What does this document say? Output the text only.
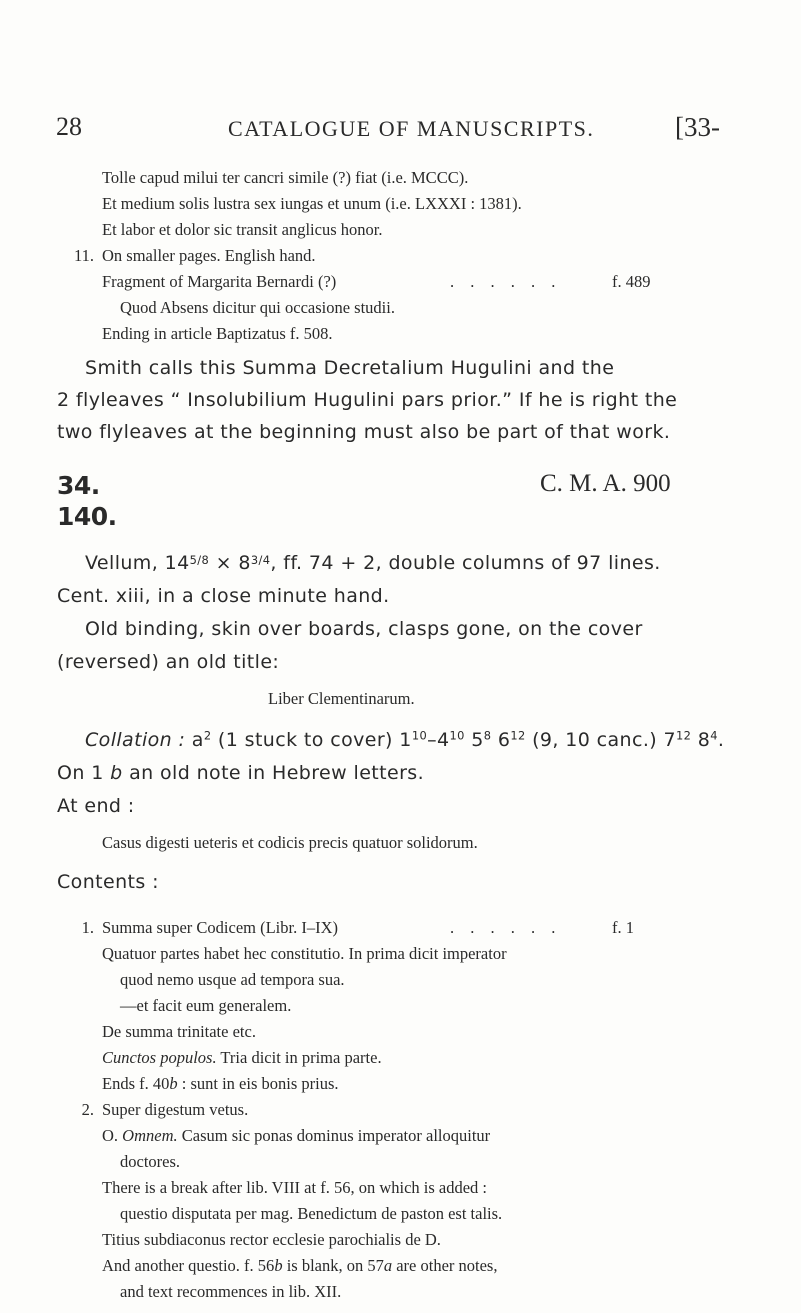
28	CATALOGUE OF MANUSCRIPTS.	[33-
Tolle capud milui ter cancri simile (?) fiat (i.e. MCCC).
Et medium solis lustra sex iungas et unum (i.e. LXXXI : 1381).
Et labor et dolor sic transit anglicus honor.
11. On smaller pages. English hand.
Fragment of Margarita Bernardi (?)	. . . . . .	f. 489
Quod Absens dicitur qui occasione studii.
Ending in article Baptizatus f. 508.
Smith calls this Summa Decretalium Hugulini and the
2 flyleaves “ Insolubilium Hugulini pars prior.” If he is right the
two flyleaves at the beginning must also be part of that work.
34.	C. M. A. 900
140.
Vellum, 145/8 × 83/4, ff. 74 + 2, double columns of 97 lines.
Cent. xiii, in a close minute hand.
Old binding, skin over boards, clasps gone, on the cover
(reversed) an old title:
Liber Clementinarum.
Collation : $a^2$ (1 stuck to cover) $1^{10}-4^{10}$ $5^8$ $6^{12}$ (9, 10 canc.) $7^{12}$ $8^4$.
On 1 b an old note in Hebrew letters.
At end :
Casus digesti ueteris et codicis precis quatuor solidorum.
Contents :
1. Summa super Codicem (Libr. I–IX)	. . . . . .	f. 1
Quatuor partes habet hec constitutio. In prima dicit imperator
quod nemo usque ad tempora sua.
—et facit eum generalem.
De summa trinitate etc.
Cunctos populos. Tria dicit in prima parte.
Ends f. 40b : sunt in eis bonis prius.
2. Super digestum vetus.
O. Omnem. Casum sic ponas dominus imperator alloquitur
doctores.
There is a break after lib. VIII at f. 56, on which is added :
questio disputata per mag. Benedictum de paston est talis.
Titius subdiaconus rector ecclesie parochialis de D.
And another questio. f. 56b is blank, on 57a are other notes,
and text recommences in lib. XII.
